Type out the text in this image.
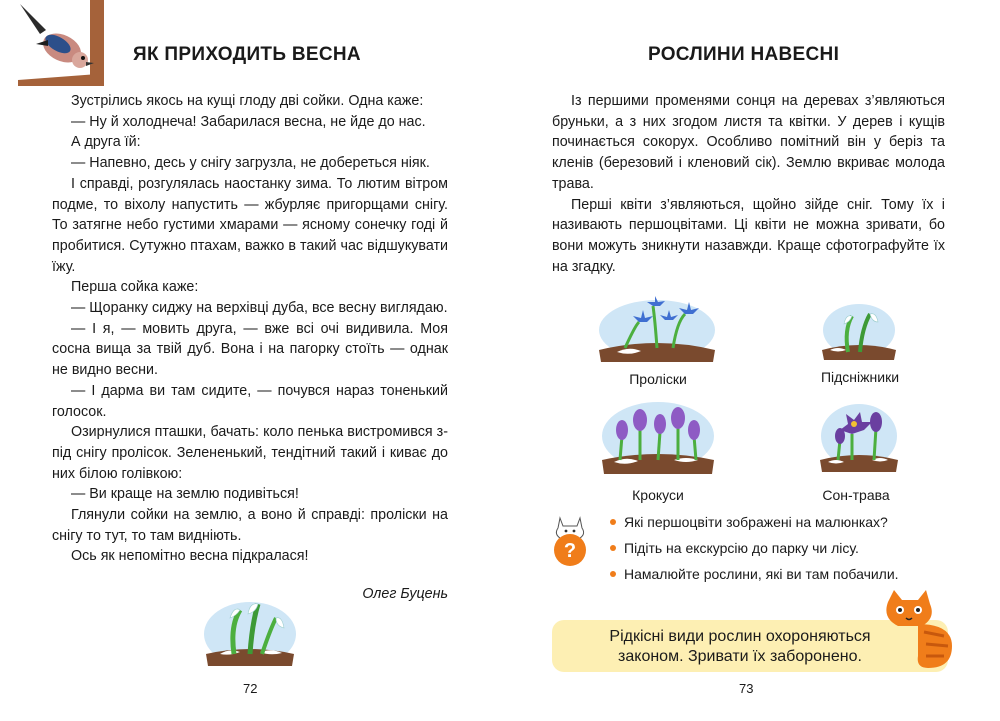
ЯК ПРИХОДИТЬ ВЕСНА

Зустрілись якось на кущі глоду дві сойки. Одна каже:

— Ну й холоднеча! Забарилася весна, не йде до нас.

А друга їй:

— Напевно, десь у снігу загрузла, не добереться ніяк.

І справді, розгулялась наостанку зима. То лютим вітром подме, то віхолу напустить — жбурляє пригорщами снігу. То затягне небо густими хмарами — ясному сонечку годі й пробитися. Сутужно птахам, важко в такий час відшукувати їжу.

Перша сойка каже:

— Щоранку сиджу на верхівці дуба, все весну виглядаю.

— І я, — мовить друга, — вже всі очі видивила. Моя сосна вища за твій дуб. Вона і на пагорку стоїть — однак не видно весни.

— І дарма ви там сидите, — почувся нараз тоненький голосок.

Озирнулися пташки, бачать: коло пенька вистромився з-під снігу пролісок. Зелененький, тендітний такий і киває до них білою голівкою:

— Ви краще на землю подивіться!

Глянули сойки на землю, а воно й справді: проліски на снігу то тут, то там видніють.

Ось як непомітно весна підкралася!

Олег Буцень
72
РОСЛИНИ НАВЕСНІ

Із першими променями сонця на деревах з’являються бруньки, а з них згодом листя та квітки. У дерев і кущів починається сокорух. Особливо помітний він у беріз та кленів (березовий і кленовий сік). Землю вкриває молода трава.

Перші квіти з’являються, щойно зійде сніг. Тому їх і називають першоцвітами. Ці квіти не можна зривати, бо вони можуть зникнути назавжди. Краще сфотографуйте їх на згадку.

Проліски	Підсніжники
Крокуси	Сон-трава
?
Які першоцвіти зображені на малюнках?
Підіть на екскурсію до парку чи лісу.
Намалюйте рослини, які ви там побачили.
Рідкісні види рослин охороняються законом. Зривати їх заборонено.
73
